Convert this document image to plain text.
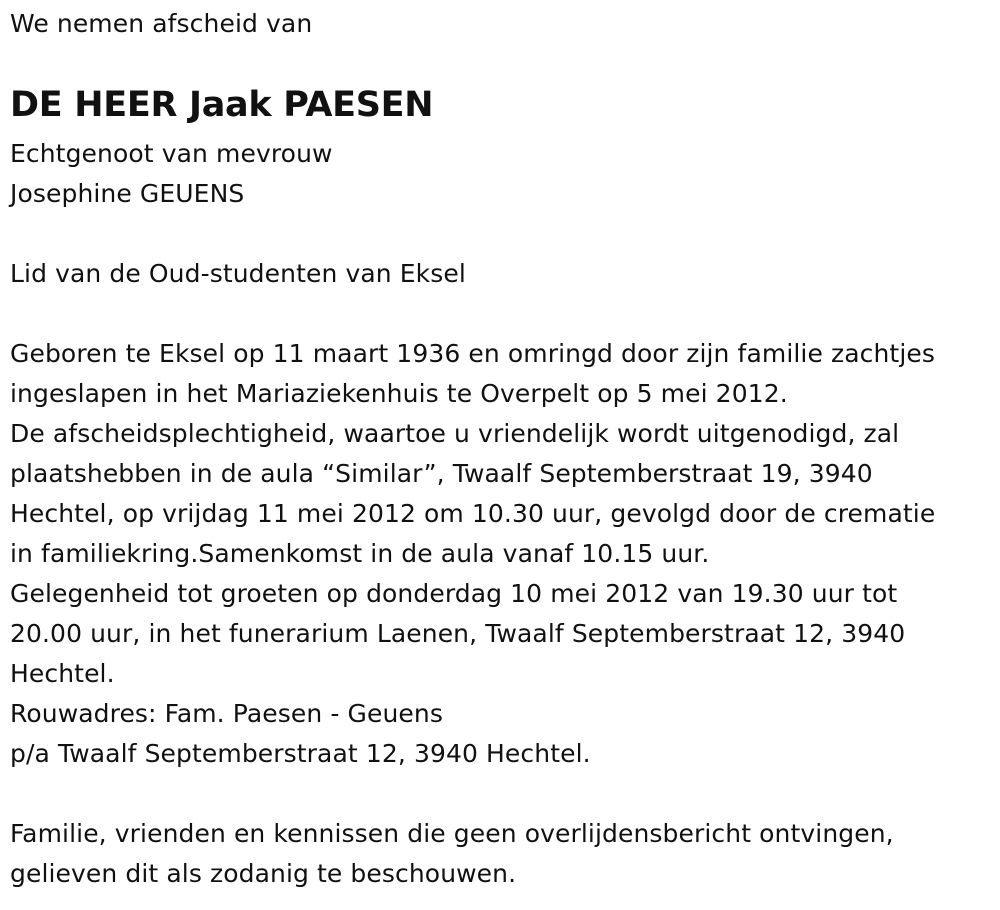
We nemen afscheid van
DE HEER Jaak PAESEN
Echtgenoot van mevrouw
Josephine GEUENS
Lid van de Oud-studenten van Eksel
Geboren te Eksel op 11 maart 1936 en omringd door zijn familie zachtjes
ingeslapen in het Mariaziekenhuis te Overpelt op 5 mei 2012.
De afscheidsplechtigheid, waartoe u vriendelijk wordt uitgenodigd, zal
plaatshebben in de aula “Similar”, Twaalf Septemberstraat 19, 3940
Hechtel, op vrijdag 11 mei 2012 om 10.30 uur, gevolgd door de crematie
in familiekring.Samenkomst in de aula vanaf 10.15 uur.
Gelegenheid tot groeten op donderdag 10 mei 2012 van 19.30 uur tot
20.00 uur, in het funerarium Laenen, Twaalf Septemberstraat 12, 3940
Hechtel.
Rouwadres: Fam. Paesen - Geuens
p/a Twaalf Septemberstraat 12, 3940 Hechtel.
Familie, vrienden en kennissen die geen overlijdensbericht ontvingen,
gelieven dit als zodanig te beschouwen.
